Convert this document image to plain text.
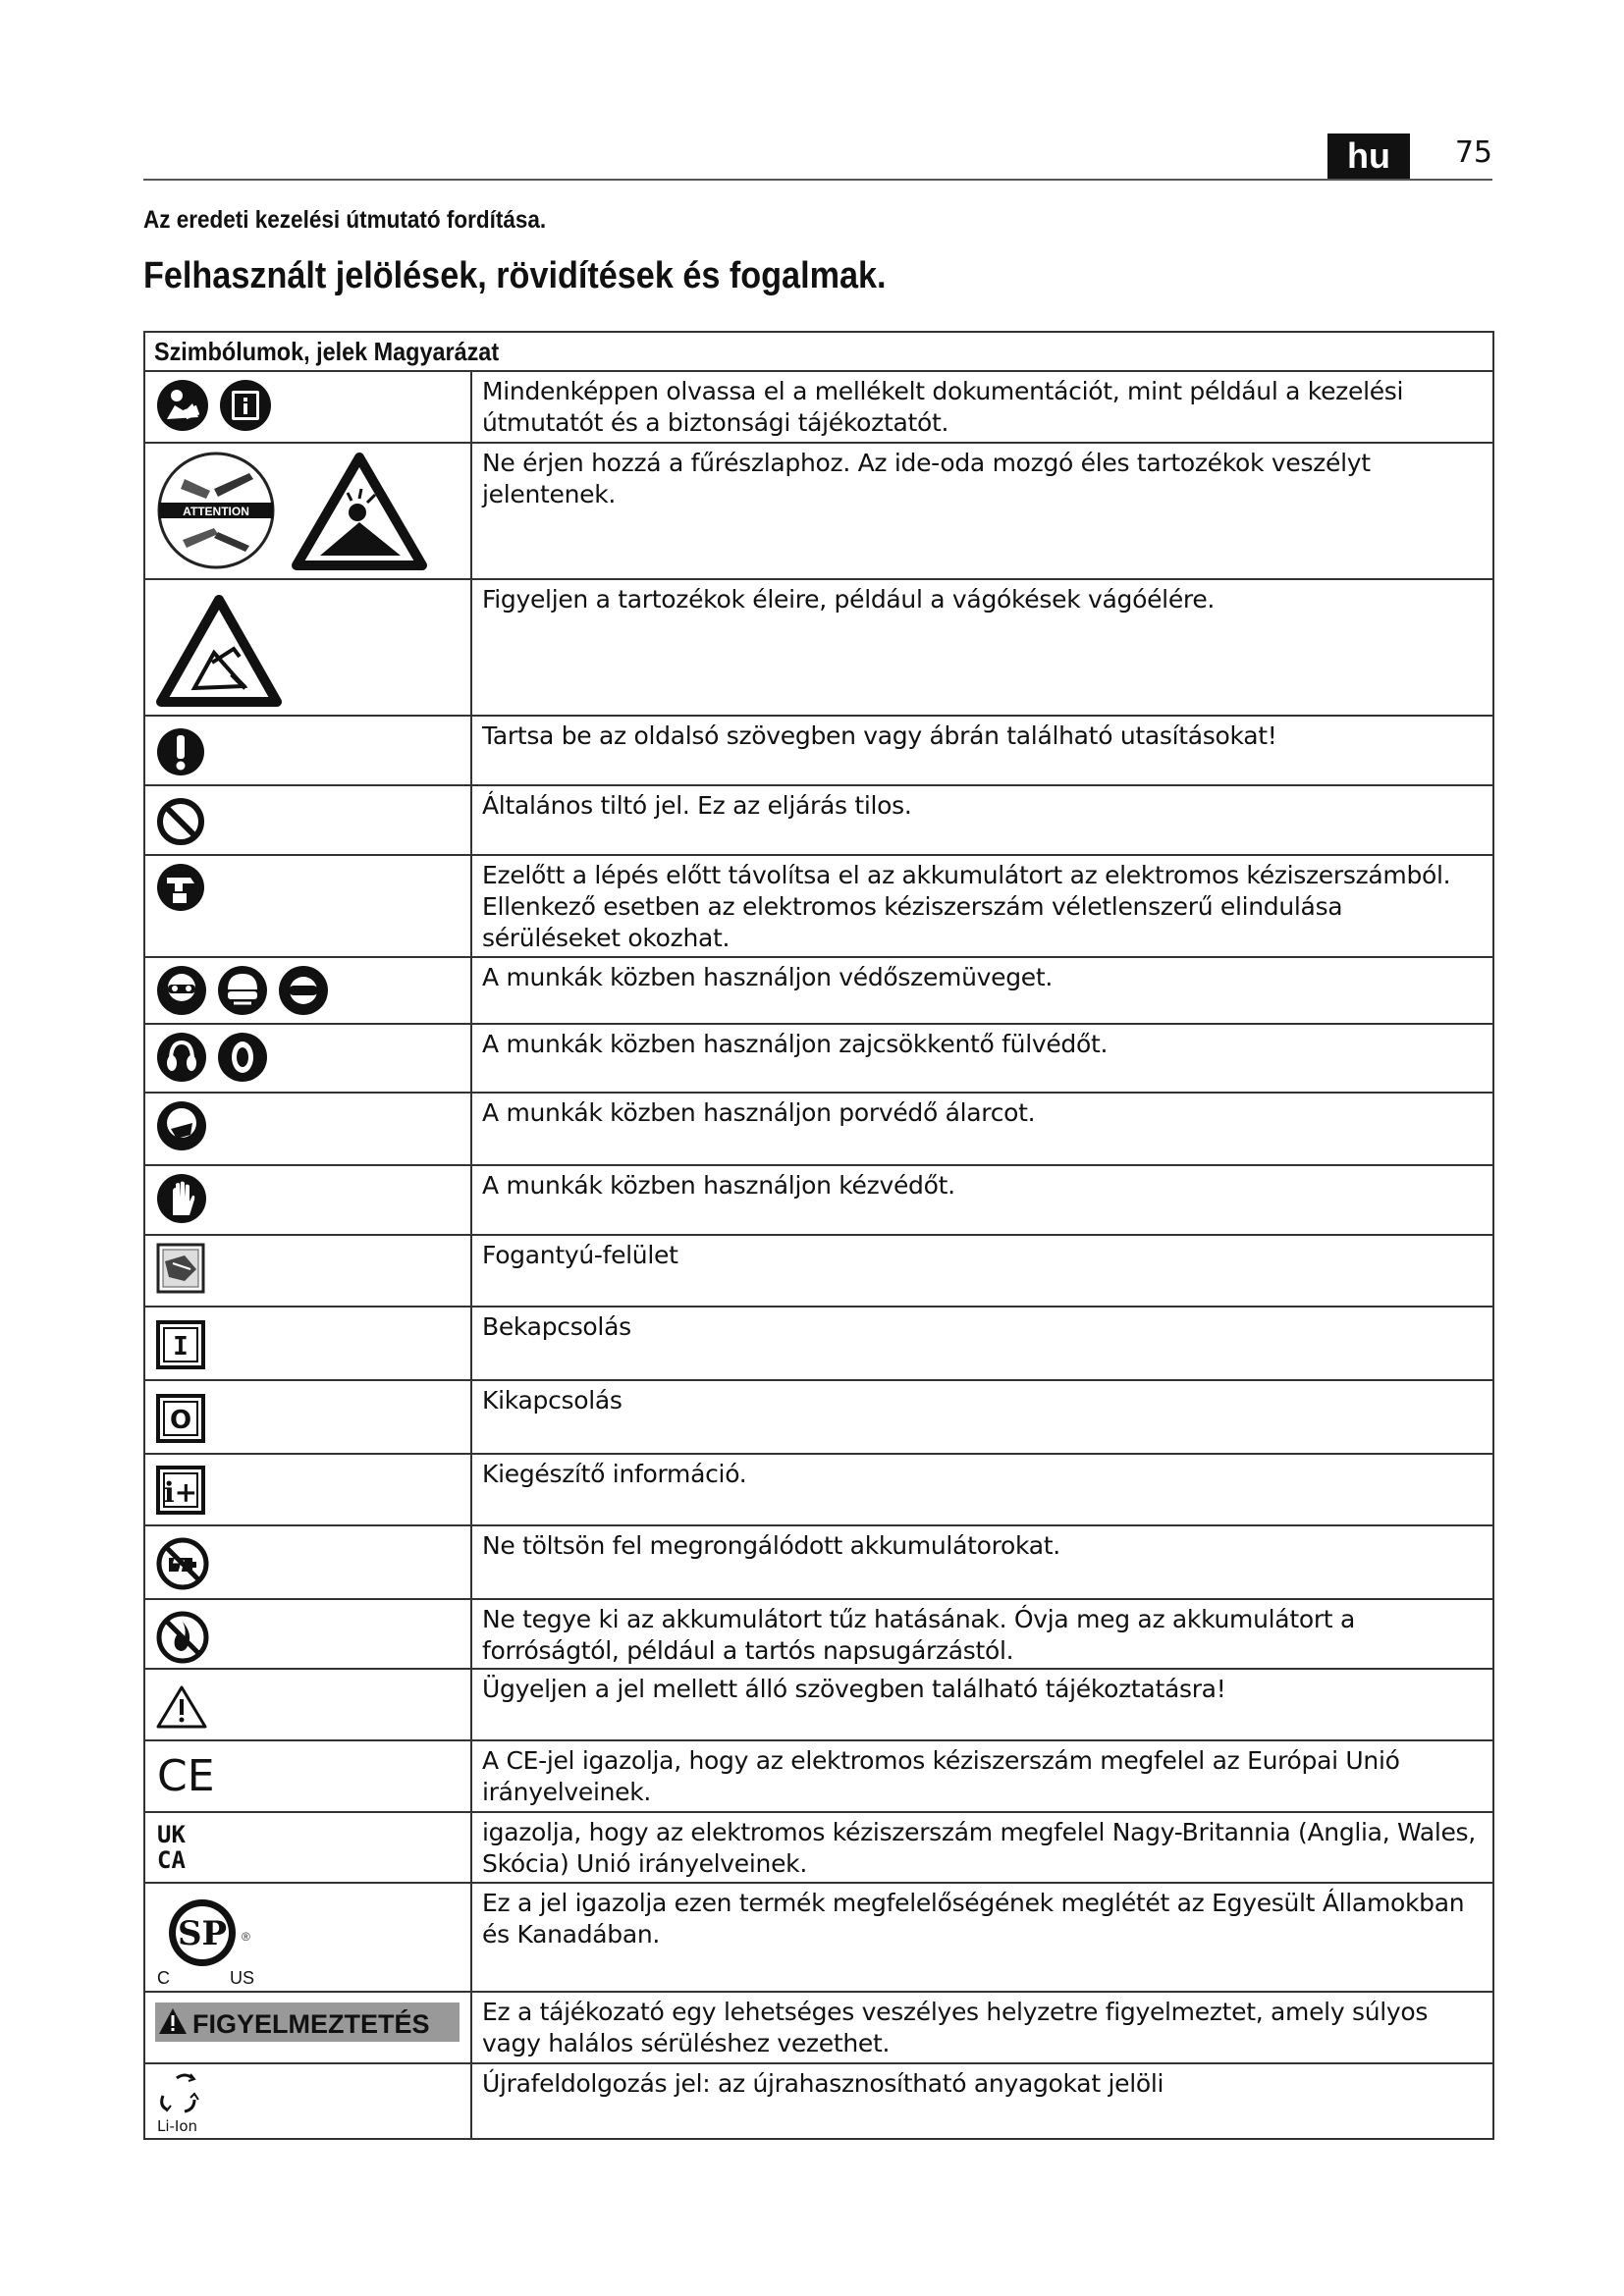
hu	75
Az eredeti kezelési útmutató fordítása.
Felhasznált jelölések, rövidítések és fogalmak.
Szimbólumok, jelek Magyarázat	

	Mindenképpen olvassa el a mellékelt dokumentációt, mint például a kezelési útmutatót és a biztonsági tájékoztatót.

ATTENTION	Ne érjen hozzá a fűrészlaphoz. Az ide-oda mozgó éles tartozékok veszélyt jelentenek.

	Figyeljen a tartozékok éleire, például a vágókések vágóélére.

	Tartsa be az oldalsó szövegben vagy ábrán található utasításokat!

	Általános tiltó jel. Ez az eljárás tilos.

	Ezelőtt a lépés előtt távolítsa el az akkumulátort az elektromos kéziszerszámból. Ellenkező esetben az elektromos kéziszerszám véletlenszerű elindulása sérüléseket okozhat.

	A munkák közben használjon védőszemüveget.

	A munkák közben használjon zajcsökkentő fülvédőt.

	A munkák közben használjon porvédő álarcot.

	A munkák közben használjon kézvédőt.

	Fogantyú-felület

I	Bekapcsolás

O	Kikapcsolás

i+	Kiegészítő információ.

	Ne töltsön fel megrongálódott akkumulátorokat.

	Ne tegye ki az akkumulátort tűz hatásának. Óvja meg az akkumulátort a forróságtól, például a tartós napsugárzástól.

	Ügyeljen a jel mellett álló szövegben található tájékoztatásra!

CE	A CE-jel igazolja, hogy az elektromos kéziszerszám megfelel az Európai Unió irányelveinek.

UK
CA	igazolja, hogy az elektromos kéziszerszám megfelel Nagy-Britannia (Anglia, Wales, Skócia) Unió irányelveinek.

SP ®
C US	Ez a jel igazolja ezen termék megfelelőségének meglétét az Egyesült Államokban és Kanadában.

FIGYELMEZTETÉS	Ez a tájékozató egy lehetséges veszélyes helyzetre figyelmeztet, amely súlyos vagy halálos sérüléshez vezethet.

Li-Ion	Újrafeldolgozás jel: az újrahasznosítható anyagokat jelöli
